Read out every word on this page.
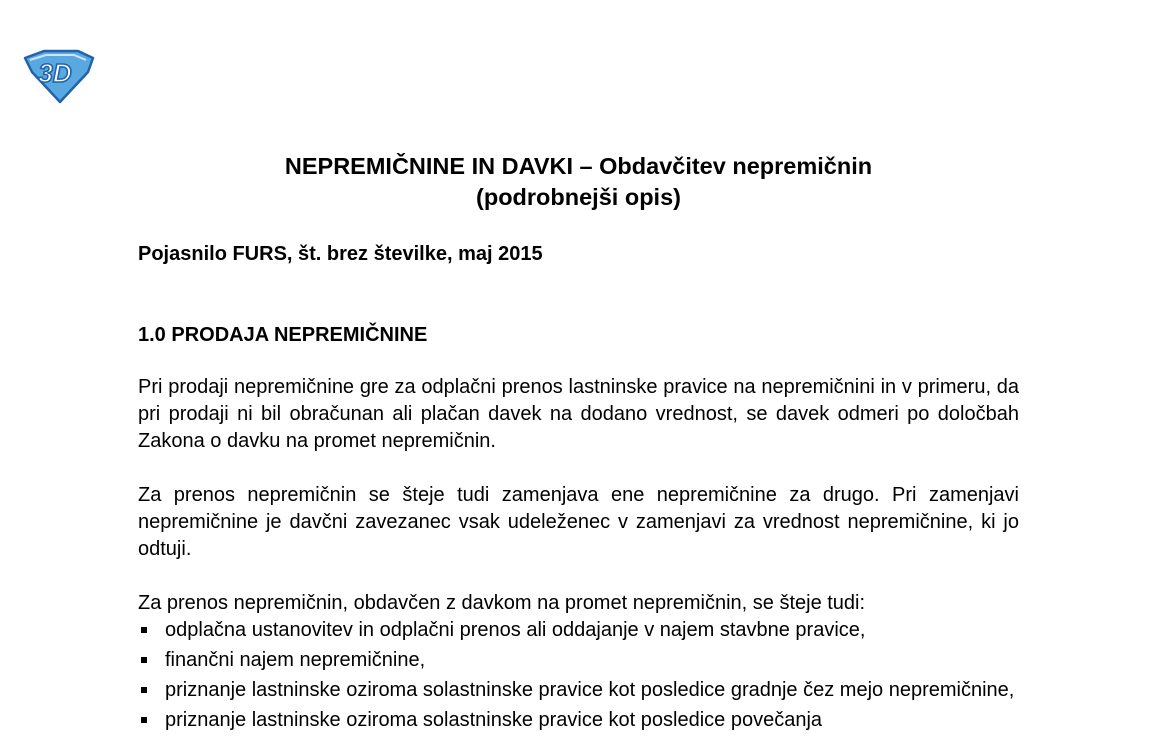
3D
NEPREMIČNINE IN DAVKI – Obdavčitev nepremičnin
(podrobnejši opis)
Pojasnilo FURS, št. brez številke, maj 2015
1.0 PRODAJA NEPREMIČNINE

Pri prodaji nepremičnine gre za odplačni prenos lastninske pravice na nepremičnini in v primeru, da pri prodaji ni bil obračunan ali plačan davek na dodano vrednost, se davek odmeri po določbah Zakona o davku na promet nepremičnin.

Za prenos nepremičnin se šteje tudi zamenjava ene nepremičnine za drugo. Pri zamenjavi nepremičnine je davčni zavezanec vsak udeleženec v zamenjavi za vrednost nepremičnine, ki jo odtuji.

Za prenos nepremičnin, obdavčen z davkom na promet nepremičnin, se šteje tudi:
odplačna ustanovitev in odplačni prenos ali oddajanje v najem stavbne pravice,
finančni najem nepremičnine,
priznanje lastninske oziroma solastninske pravice kot posledice gradnje čez mejo nepremičnine,
priznanje lastninske oziroma solastninske pravice kot posledice povečanja
